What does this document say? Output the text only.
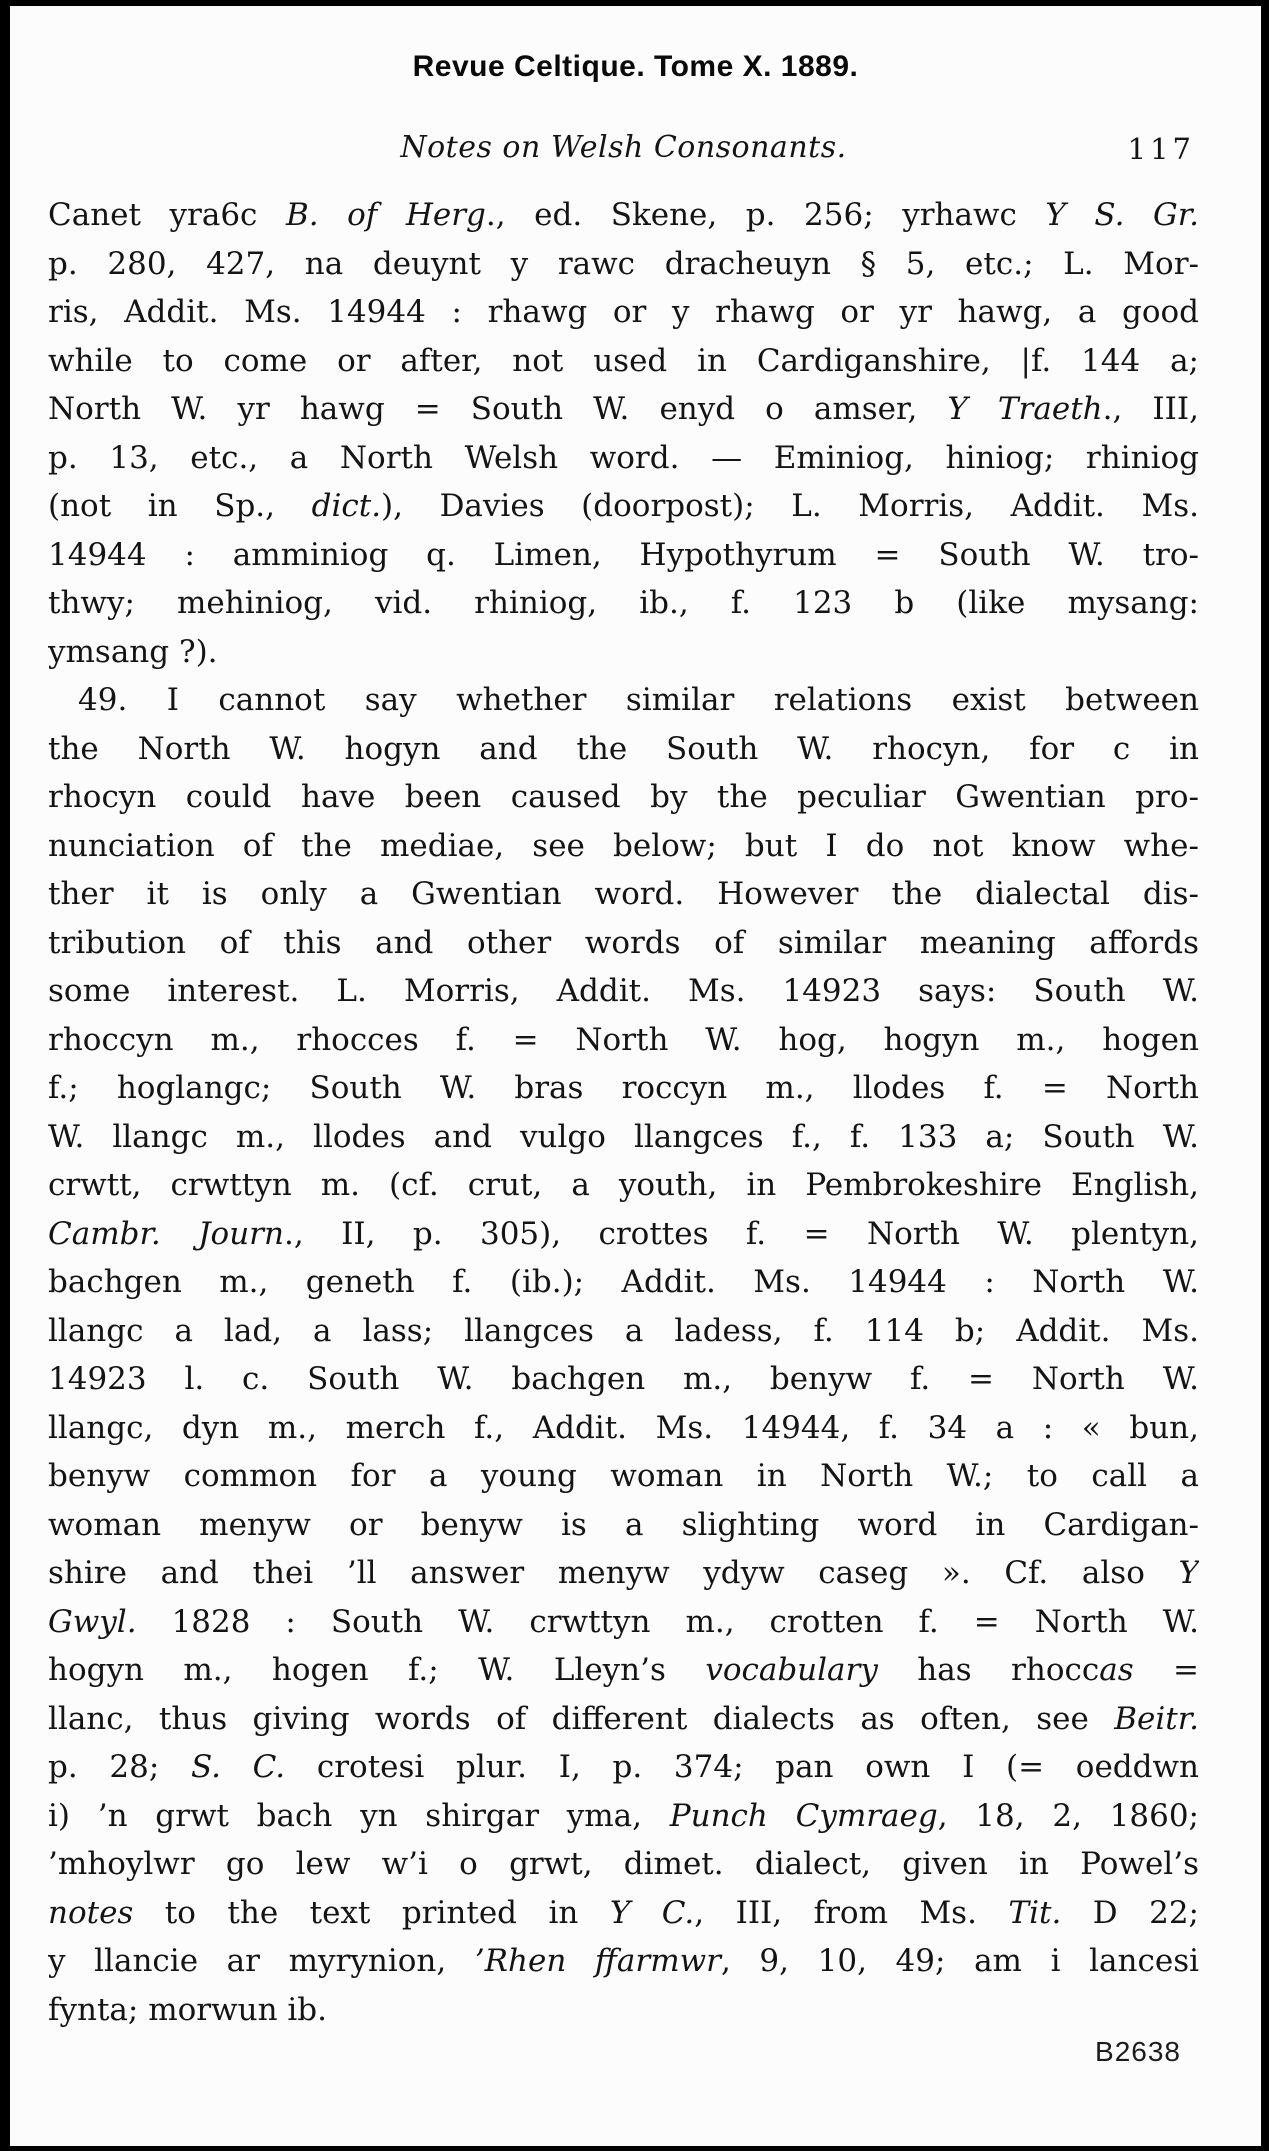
Revue Celtique. Tome X. 1889.
Notes on Welsh Consonants.	117
Canet yra6c B. of Herg., ed. Skene, p. 256; yrhawc Y S. Gr.
p. 280, 427, na deuynt y rawc dracheuyn § 5, etc.; L. Mor-
ris, Addit. Ms. 14944 : rhawg or y rhawg or yr hawg, a good
while to come or after, not used in Cardiganshire, |f. 144 a;
North W. yr hawg = South W. enyd o amser, Y Traeth., III,
p. 13, etc., a North Welsh word. — Eminiog, hiniog; rhiniog
(not in Sp., dict.), Davies (doorpost); L. Morris, Addit. Ms.
14944 : amminiog q. Limen, Hypothyrum = South W. tro-
thwy; mehiniog, vid. rhiniog, ib., f. 123 b (like mysang:
ymsang ?).
49. I cannot say whether similar relations exist between
the North W. hogyn and the South W. rhocyn, for c in
rhocyn could have been caused by the peculiar Gwentian pro-
nunciation of the mediae, see below; but I do not know whe-
ther it is only a Gwentian word. However the dialectal dis-
tribution of this and other words of similar meaning affords
some interest. L. Morris, Addit. Ms. 14923 says: South W.
rhoccyn m., rhocces f. = North W. hog, hogyn m., hogen
f.; hoglangc; South W. bras roccyn m., llodes f. = North
W. llangc m., llodes and vulgo llangces f., f. 133 a; South W.
crwtt, crwttyn m. (cf. crut, a youth, in Pembrokeshire English,
Cambr. Journ., II, p. 305), crottes f. = North W. plentyn,
bachgen m., geneth f. (ib.); Addit. Ms. 14944 : North W.
llangc a lad, a lass; llangces a ladess, f. 114 b; Addit. Ms.
14923 l. c. South W. bachgen m., benyw f. = North W.
llangc, dyn m., merch f., Addit. Ms. 14944, f. 34 a : « bun,
benyw common for a young woman in North W.; to call a
woman menyw or benyw is a slighting word in Cardigan-
shire and thei ’ll answer menyw ydyw caseg ». Cf. also Y
Gwyl. 1828 : South W. crwttyn m., crotten f. = North W.
hogyn m., hogen f.; W. Lleyn’s vocabulary has rhoccas =
llanc, thus giving words of different dialects as often, see Beitr.
p. 28; S. C. crotesi plur. I, p. 374; pan own I (= oeddwn
i) ’n grwt bach yn shirgar yma, Punch Cymraeg, 18, 2, 1860;
’mhoylwr go lew w’i o grwt, dimet. dialect, given in Powel’s
notes to the text printed in Y C., III, from Ms. Tit. D 22;
y llancie ar myrynion, ’Rhen ffarmwr, 9, 10, 49; am i lancesi
fynta; morwun ib.
B2638
